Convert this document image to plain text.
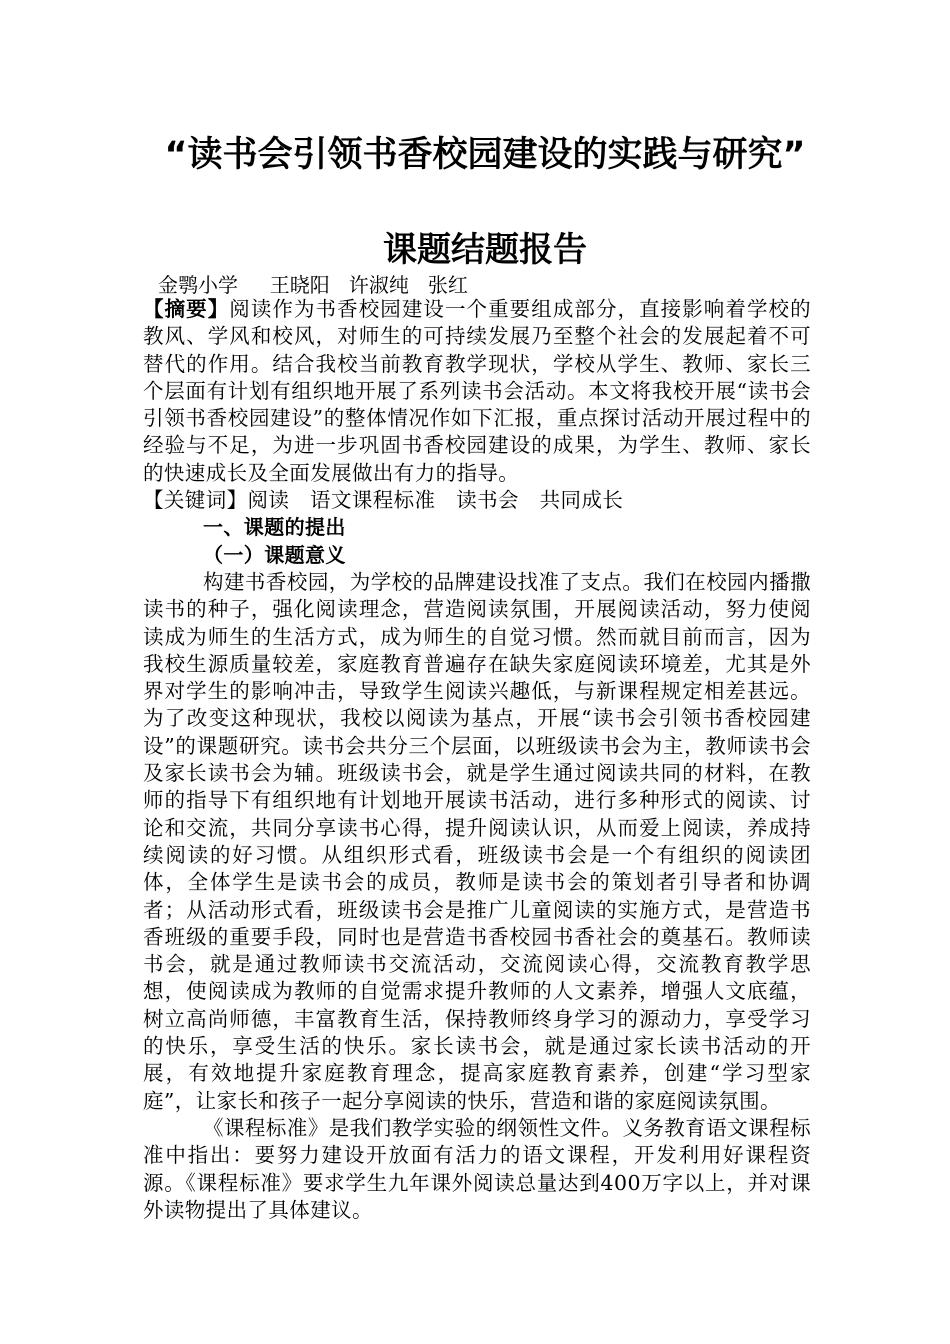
“读书会引领书香校园建设的实践与研究”
课题结题报告
金鹗小学     王晓阳   许淑纯   张红

【摘要】阅读作为书香校园建设一个重要组成部分，直接影响着学校的教风、学风和校风，对师生的可持续发展乃至整个社会的发展起着不可替代的作用。结合我校当前教育教学现状，学校从学生、教师、家长三个层面有计划有组织地开展了系列读书会活动。本文将我校开展“读书会引领书香校园建设”的整体情况作如下汇报，重点探讨活动开展过程中的经验与不足，为进一步巩固书香校园建设的成果，为学生、教师、家长的快速成长及全面发展做出有力的指导。

【关键词】阅读   语文课程标准   读书会   共同成长

一、课题的提出

（一）课题意义

构建书香校园，为学校的品牌建设找准了支点。我们在校园内播撒读书的种子，强化阅读理念，营造阅读氛围，开展阅读活动，努力使阅读成为师生的生活方式，成为师生的自觉习惯。然而就目前而言，因为我校生源质量较差，家庭教育普遍存在缺失家庭阅读环境差，尤其是外界对学生的影响冲击，导致学生阅读兴趣低，与新课程规定相差甚远。为了改变这种现状，我校以阅读为基点，开展“读书会引领书香校园建设”的课题研究。读书会共分三个层面，以班级读书会为主，教师读书会及家长读书会为辅。班级读书会，就是学生通过阅读共同的材料，在教师的指导下有组织地有计划地开展读书活动，进行多种形式的阅读、讨论和交流，共同分享读书心得，提升阅读认识，从而爱上阅读，养成持续阅读的好习惯。从组织形式看，班级读书会是一个有组织的阅读团体，全体学生是读书会的成员，教师是读书会的策划者引导者和协调者；从活动形式看，班级读书会是推广儿童阅读的实施方式，是营造书香班级的重要手段，同时也是营造书香校园书香社会的奠基石。教师读书会，就是通过教师读书交流活动，交流阅读心得，交流教育教学思想，使阅读成为教师的自觉需求提升教师的人文素养，增强人文底蕴，树立高尚师德，丰富教育生活，保持教师终身学习的源动力，享受学习的快乐，享受生活的快乐。家长读书会，就是通过家长读书活动的开展，有效地提升家庭教育理念，提高家庭教育素养，创建“学习型家庭”，让家长和孩子一起分享阅读的快乐，营造和谐的家庭阅读氛围。

《课程标准》是我们教学实验的纲领性文件。义务教育语文课程标准中指出：要努力建设开放面有活力的语文课程，开发利用好课程资源。《课程标准》要求学生九年课外阅读总量达到400万字以上，并对课外读物提出了具体建议。
